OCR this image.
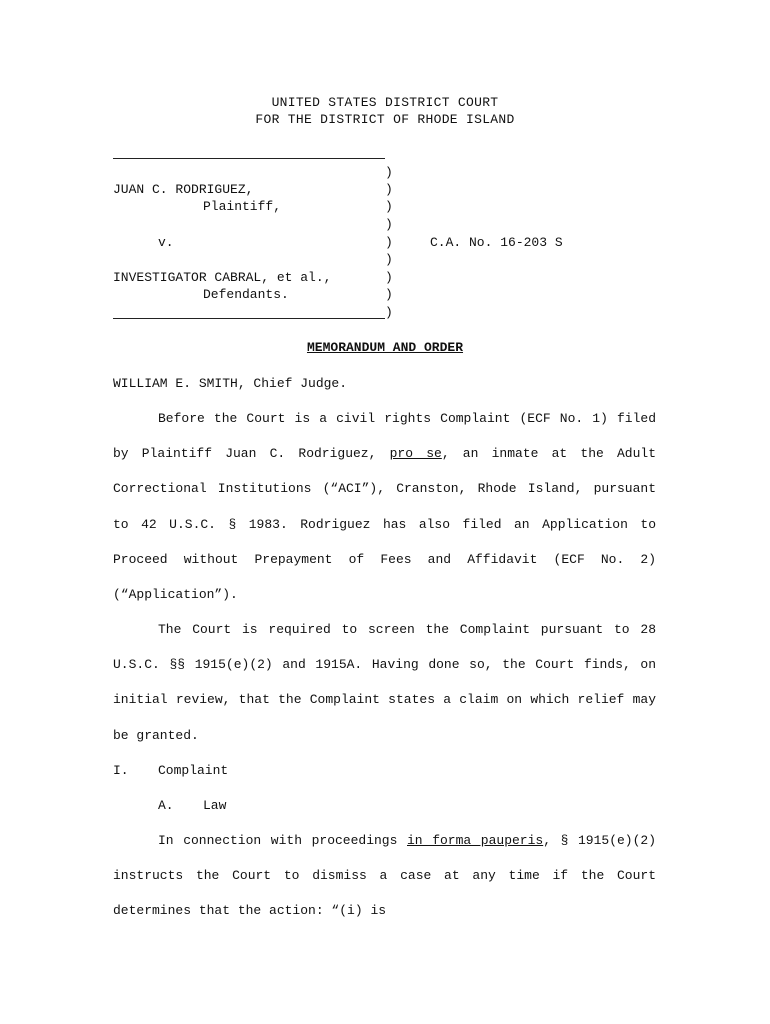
UNITED STATES DISTRICT COURT
FOR THE DISTRICT OF RHODE ISLAND
)
)
)
)
)
)
)
)
)
JUAN C. RODRIGUEZ,
Plaintiff,
v.	C.A. No. 16-203 S
INVESTIGATOR CABRAL, et al.,
Defendants.
MEMORANDUM AND ORDER
WILLIAM E. SMITH, Chief Judge.
Before the Court is a civil rights Complaint (ECF No. 1) filed by Plaintiff Juan C. Rodriguez, pro se, an inmate at the Adult Correctional Institutions (“ACI”), Cranston, Rhode Island, pursuant to 42 U.S.C. § 1983. Rodriguez has also filed an Application to Proceed without Prepayment of Fees and Affidavit (ECF No. 2) (“Application”).
The Court is required to screen the Complaint pursuant to 28 U.S.C. §§ 1915(e)(2) and 1915A. Having done so, the Court finds, on initial review, that the Complaint states a claim on which relief may be granted.
I. Complaint
A. Law
In connection with proceedings in forma pauperis, § 1915(e)(2) instructs the Court to dismiss a case at any time if the Court determines that the action: “(i) is
